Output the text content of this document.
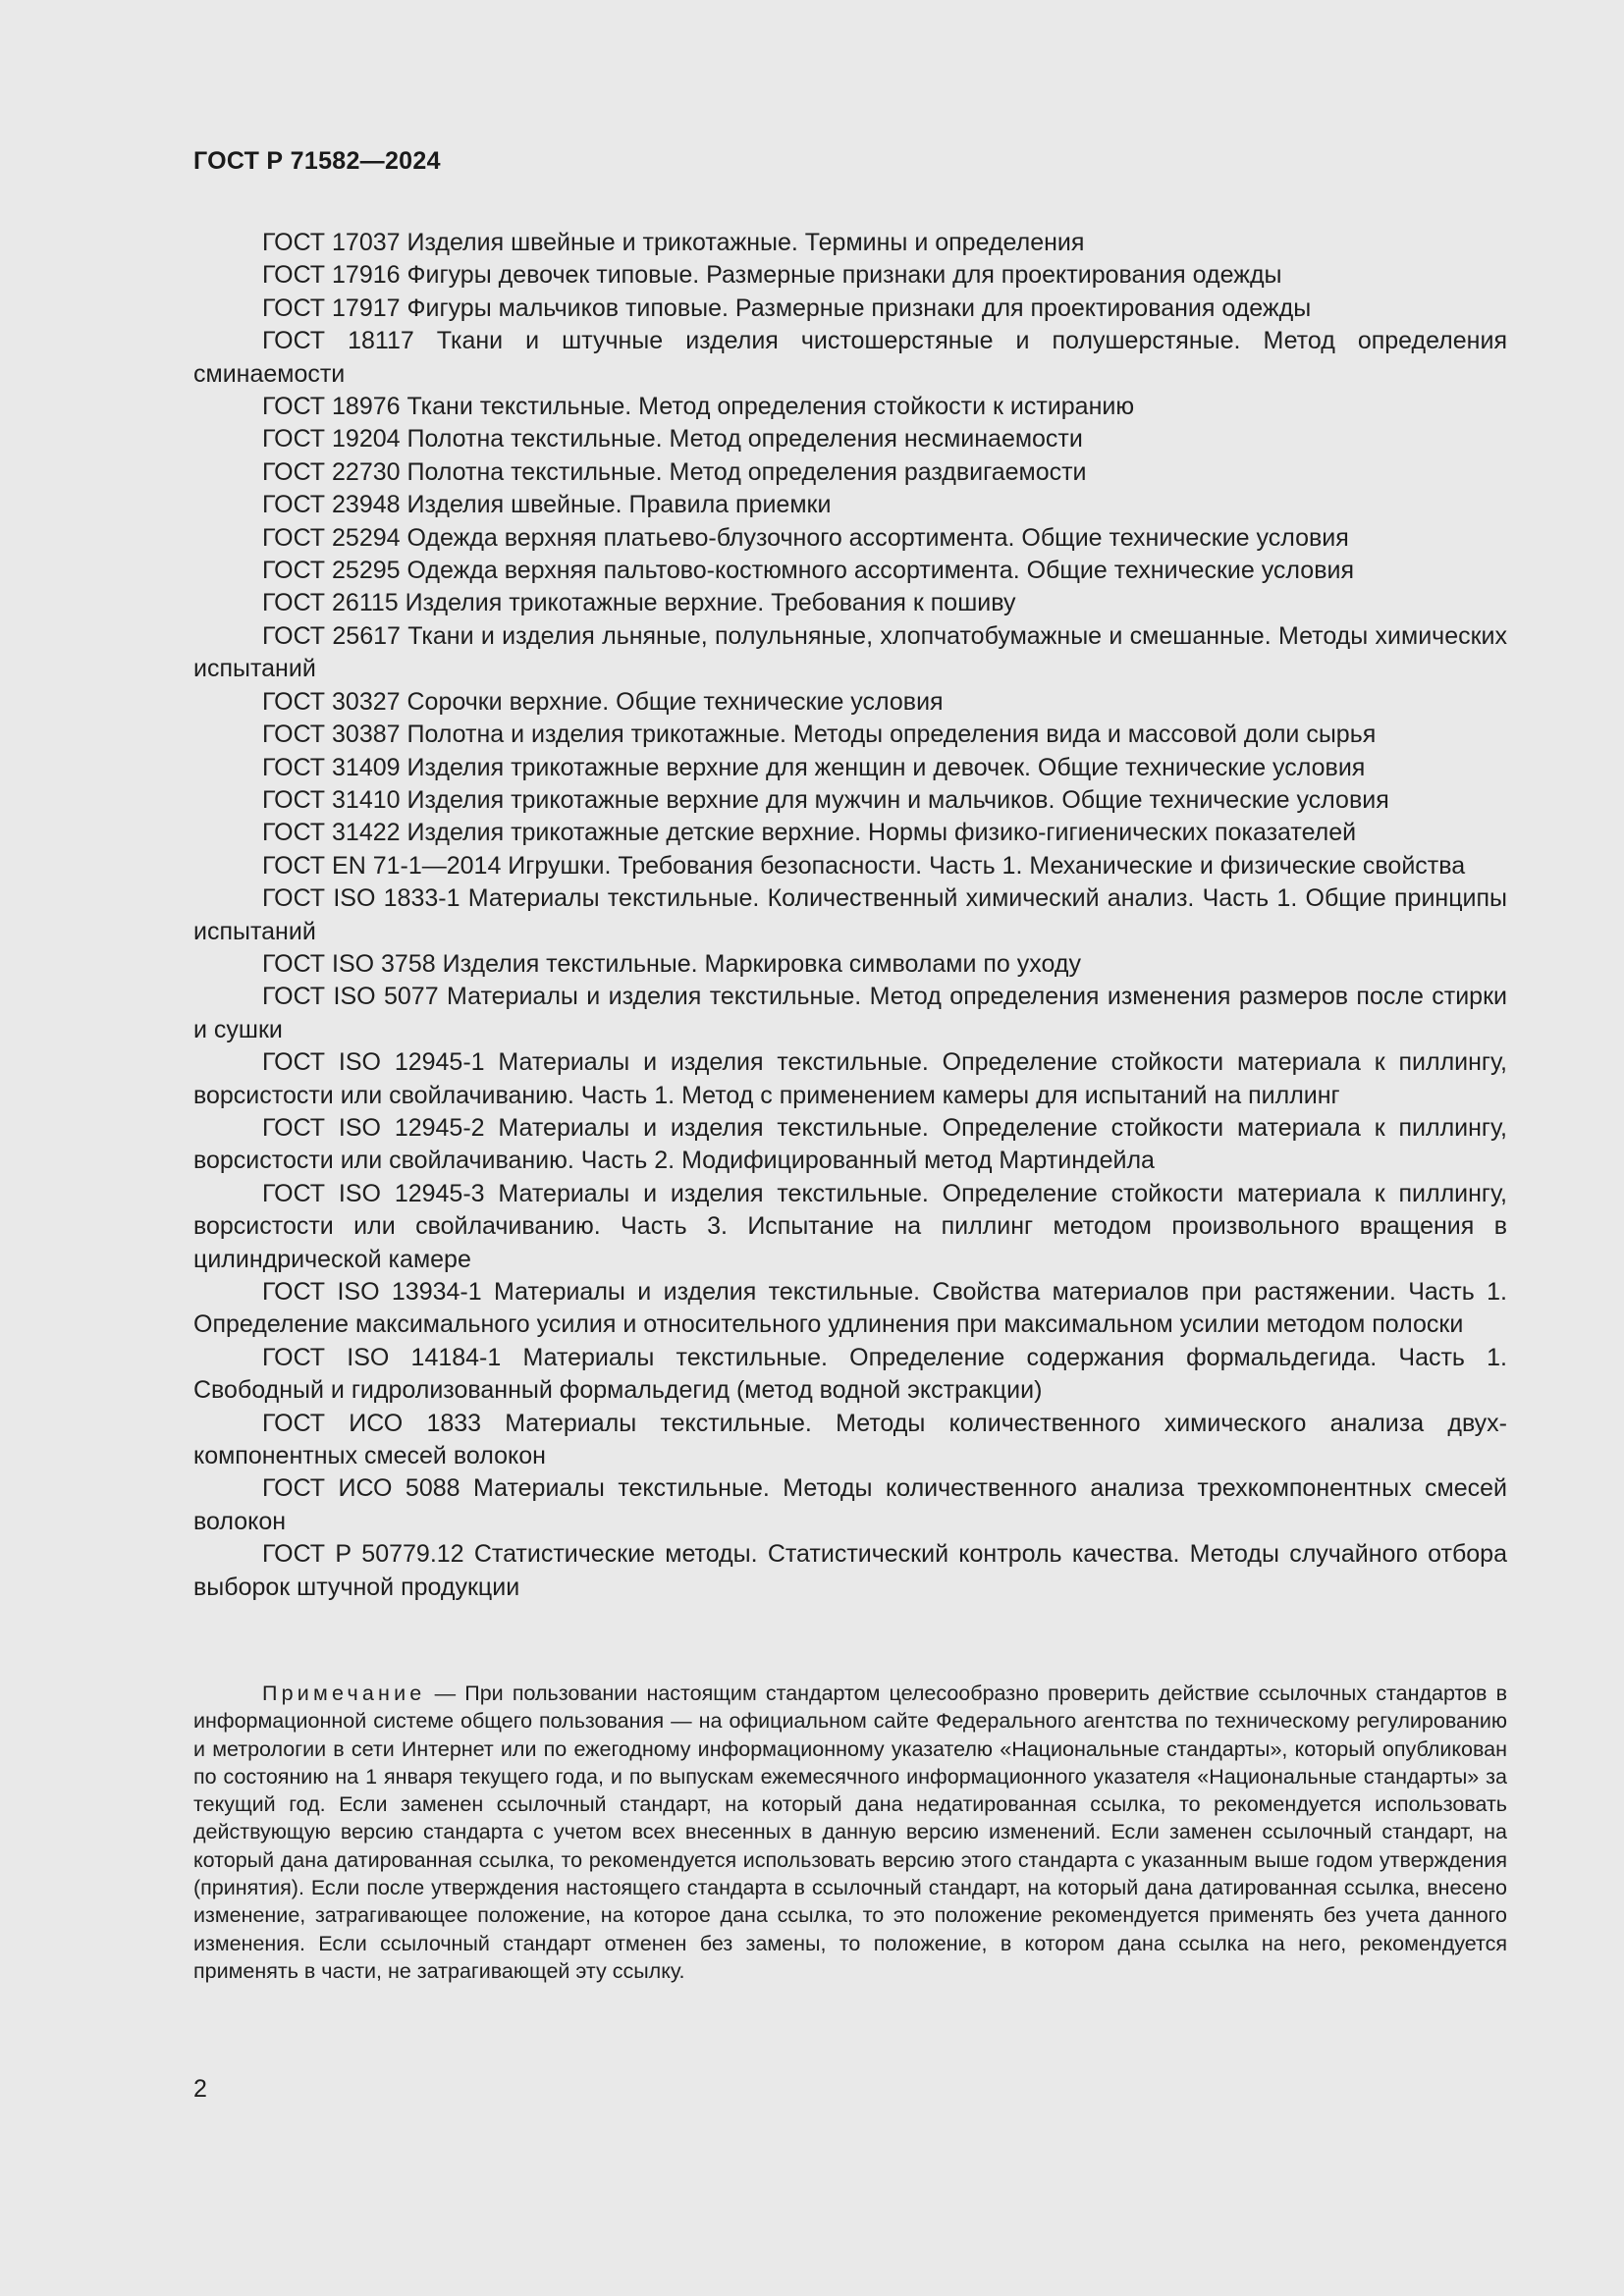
ГОСТ Р 71582—2024
ГОСТ 17037 Изделия швейные и трикотажные. Термины и определения
ГОСТ 17916 Фигуры девочек типовые. Размерные признаки для проектирования одежды
ГОСТ 17917 Фигуры мальчиков типовые. Размерные признаки для проектирования одежды
ГОСТ 18117 Ткани и штучные изделия чистошерстяные и полушерстяные. Метод определения сминаемости
ГОСТ 18976 Ткани текстильные. Метод определения стойкости к истиранию
ГОСТ 19204 Полотна текстильные. Метод определения несминаемости
ГОСТ 22730 Полотна текстильные. Метод определения раздвигаемости
ГОСТ 23948 Изделия швейные. Правила приемки
ГОСТ 25294 Одежда верхняя платьево-блузочного ассортимента. Общие технические условия
ГОСТ 25295 Одежда верхняя пальтово-костюмного ассортимента. Общие технические условия
ГОСТ 26115 Изделия трикотажные верхние. Требования к пошиву
ГОСТ 25617 Ткани и изделия льняные, полульняные, хлопчатобумажные и смешанные. Методы химических испытаний
ГОСТ 30327 Сорочки верхние. Общие технические условия
ГОСТ 30387 Полотна и изделия трикотажные. Методы определения вида и массовой доли сырья
ГОСТ 31409 Изделия трикотажные верхние для женщин и девочек. Общие технические условия
ГОСТ 31410 Изделия трикотажные верхние для мужчин и мальчиков. Общие технические условия
ГОСТ 31422 Изделия трикотажные детские верхние. Нормы физико-гигиенических показателей
ГОСТ EN 71-1—2014 Игрушки. Требования безопасности. Часть 1. Механические и физические свойства
ГОСТ ISO 1833-1 Материалы текстильные. Количественный химический анализ. Часть 1. Общие принципы испытаний
ГОСТ ISO 3758 Изделия текстильные. Маркировка символами по уходу
ГОСТ ISO 5077 Материалы и изделия текстильные. Метод определения изменения размеров после стирки и сушки
ГОСТ ISO 12945-1 Материалы и изделия текстильные. Определение стойкости материала к пиллингу, ворсистости или свойлачиванию. Часть 1. Метод с применением камеры для испытаний на пиллинг
ГОСТ ISO 12945-2 Материалы и изделия текстильные. Определение стойкости материала к пиллингу, ворсистости или свойлачиванию. Часть 2. Модифицированный метод Мартиндейла
ГОСТ ISO 12945-3 Материалы и изделия текстильные. Определение стойкости материала к пиллингу, ворсистости или свойлачиванию. Часть 3. Испытание на пиллинг методом произвольного вращения в цилиндрической камере
ГОСТ ISO 13934-1 Материалы и изделия текстильные. Свойства материалов при растяжении. Часть 1. Определение максимального усилия и относительного удлинения при максимальном усилии методом полоски
ГОСТ ISO 14184-1 Материалы текстильные. Определение содержания формальдегида. Часть 1. Свободный и гидролизованный формальдегид (метод водной экстракции)
ГОСТ ИСО 1833 Материалы текстильные. Методы количественного химического анализа двухкомпонентных смесей волокон
ГОСТ ИСО 5088 Материалы текстильные. Методы количественного анализа трехкомпонентных смесей волокон
ГОСТ Р 50779.12 Статистические методы. Статистический контроль качества. Методы случайного отбора выборок штучной продукции

Примечание — При пользовании настоящим стандартом целесообразно проверить действие ссылочных стандартов в информационной системе общего пользования — на официальном сайте Федерального агентства по техническому регулированию и метрологии в сети Интернет или по ежегодному информационному указателю «Национальные стандарты», который опубликован по состоянию на 1 января текущего года, и по выпускам ежемесячного информационного указателя «Национальные стандарты» за текущий год. Если заменен ссылочный стандарт, на который дана недатированная ссылка, то рекомендуется использовать действующую версию стандарта с учетом всех внесенных в данную версию изменений. Если заменен ссылочный стандарт, на который дана датированная ссылка, то рекомендуется использовать версию этого стандарта с указанным выше годом утверждения (принятия). Если после утверждения настоящего стандарта в ссылочный стандарт, на который дана датированная ссылка, внесено изменение, затрагивающее положение, на которое дана ссылка, то это положение рекомендуется применять без учета данного изменения. Если ссылочный стандарт отменен без замены, то положение, в котором дана ссылка на него, рекомендуется применять в части, не затрагивающей эту ссылку.

2
